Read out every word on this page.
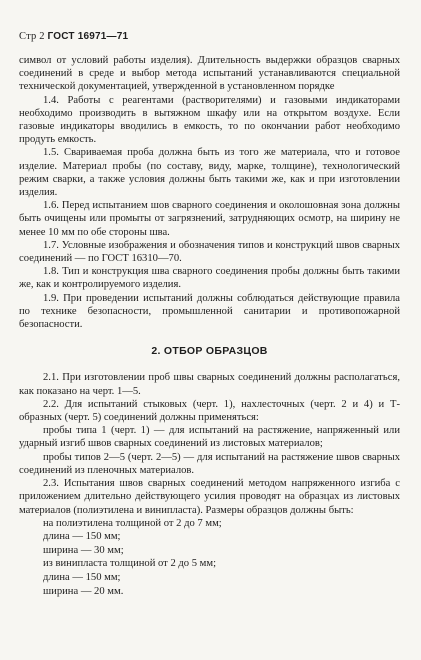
Стр 2 ГОСТ 16971—71

символ от условий работы изделия). Длительность выдержки образцов сварных соединений в среде и выбор метода испытаний устанавливаются специальной технической документацией, утвержденной в установленном порядке

1.4. Работы с реагентами (растворителями) и газовыми индикаторами необходимо производить в вытяжном шкафу или на открытом воздухе. Если газовые индикаторы вводились в емкость, то по окончании работ необходимо продуть емкость.

1.5. Свариваемая проба должна быть из того же материала, что и готовое изделие. Материал пробы (по составу, виду, марке, толщине), технологический режим сварки, а также условия должны быть такими же, как и при изготовлении изделия.

1.6. Перед испытанием шов сварного соединения и околошовная зона должны быть очищены или промыты от загрязнений, затрудняющих осмотр, на ширину не менее 10 мм по обе стороны шва.

1.7. Условные изображения и обозначения типов и конструкций швов сварных соединений — по ГОСТ 16310—70.

1.8. Тип и конструкция шва сварного соединения пробы должны быть такими же, как и контролируемого изделия.

1.9. При проведении испытаний должны соблюдаться действующие правила по технике безопасности, промышленной санитарии и противопожарной безопасности.

2. ОТБОР ОБРАЗЦОВ

2.1. При изготовлении проб швы сварных соединений должны располагаться, как показано на черт. 1—5.

2.2. Для испытаний стыковых (черт. 1), нахлесточных (черт. 2 и 4) и Т-образных (черт. 5) соединений должны применяться:

пробы типа 1 (черт. 1) — для испытаний на растяжение, напряженный или ударный изгиб швов сварных соединений из листовых материалов;

пробы типов 2—5 (черт. 2—5) — для испытаний на растяжение швов сварных соединений из пленочных материалов.

2.3. Испытания швов сварных соединений методом напряженного изгиба с приложением длительно действующего усилия проводят на образцах из листовых материалов (полиэтилена и винипласта). Размеры образцов должны быть:

на полиэтилена толщиной от 2 до 7 мм;
длина — 150 мм;
ширина — 30 мм;
из винипласта толщиной от 2 до 5 мм;
длина — 150 мм;
ширина — 20 мм.
